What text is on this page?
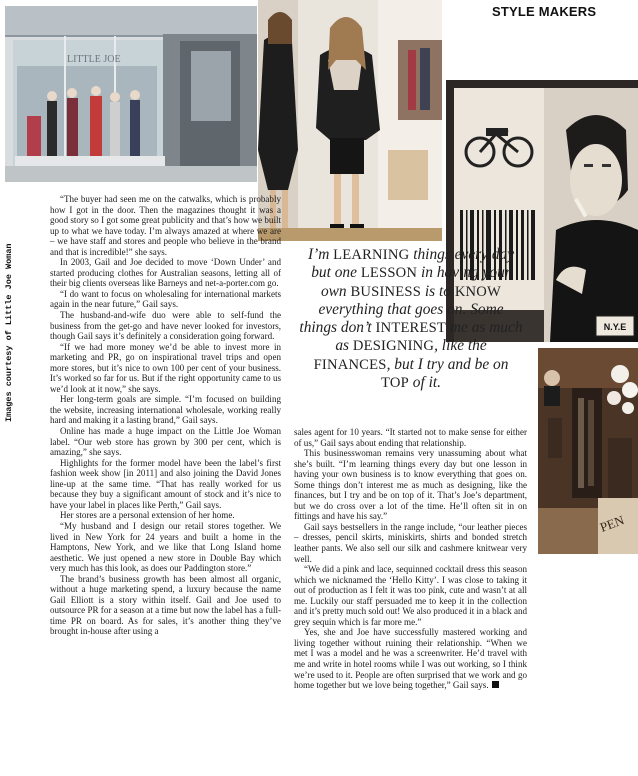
STYLE MAKERS
LITTLE JOE
N.Y.E
PEN
Images courtesy of Little Joe Woman

“The buyer had seen me on the catwalks, which is probably how I got in the door. Then the magazines thought it was a good story so I got some great publicity and that’s how we built up to what we have today. I’m always amazed at where we are – we have staff and stores and people who believe in the brand and that is incredible!” she says.

In 2003, Gail and Joe decided to move ‘Down Under’ and started producing clothes for Australian seasons, letting all of their big clients overseas like Barneys and net-a-porter.com go.

“I do want to focus on wholesaling for international markets again in the near future,” Gail says.

The husband-and-wife duo were able to self-fund the business from the get-go and have never looked for investors, though Gail says it’s definitely a consideration going forward.

“If we had more money we’d be able to invest more in marketing and PR, go on inspirational travel trips and open more stores, but it’s nice to own 100 per cent of your business. It’s worked so far for us. But if the right opportunity came to us we’d look at it now,” she says.

Her long-term goals are simple. “I’m focused on building the website, increasing international wholesale, working really hard and making it a lasting brand,” Gail says.

Online has made a huge impact on the Little Joe Woman label. “Our web store has grown by 300 per cent, which is amazing,” she says.

Highlights for the former model have been the label’s first fashion week show [in 2011] and also joining the David Jones line-up at the same time. “That has really worked for us because they buy a significant amount of stock and it’s nice to have your label in places like Perth,” Gail says.

Her stores are a personal extension of her home.

“My husband and I design our retail stores together. We lived in New York for 24 years and built a home in the Hamptons, New York, and we like that Long Island home aesthetic. We just opened a new store in Double Bay which very much has this look, as does our Paddington store.”

The brand’s business growth has been almost all organic, without a huge marketing spend, a luxury because the name Gail Elliott is a story within itself. Gail and Joe used to outsource PR for a season at a time but now the label has a full-time PR on board. As for sales, it’s another thing they’ve brought in-house after using a

sales agent for 10 years. “It started not to make sense for either of us,” Gail says about ending that relationship.

This businesswoman remains very unassuming about what she’s built. “I’m learning things every day but one lesson in having your own business is to know everything that goes on. Some things don’t interest me as much as designing, like the finances, but I try and be on top of it. That’s Joe’s department, but we do cross over a lot of the time. He’ll often sit in on fittings and have his say.”

Gail says bestsellers in the range include, “our leather pieces – dresses, pencil skirts, miniskirts, shirts and bonded stretch leather pants. We also sell our silk and cashmere knitwear very well.

“We did a pink and lace, sequinned cocktail dress this season which we nicknamed the ‘Hello Kitty’. I was close to taking it out of production as I felt it was too pink, cute and wasn’t at all me. Luckily our staff persuaded me to keep it in the collection and it’s pretty much sold out! We also produced it in a black and grey sequin which is far more me.”

Yes, she and Joe have successfully mastered working and living together without ruining their relationship. “When we met I was a model and he was a screenwriter. He’d travel with me and write in hotel rooms while I was out working, so I think we’re used to it. People are often surprised that we work and go home together but we love being together,” Gail says.

I’m LEARNING things every day but one LESSON in having your own BUSINESS is to KNOW everything that goes on. Some things don’t INTEREST me as much as DESIGNING, like the FINANCES, but I try and be on TOP of it.
